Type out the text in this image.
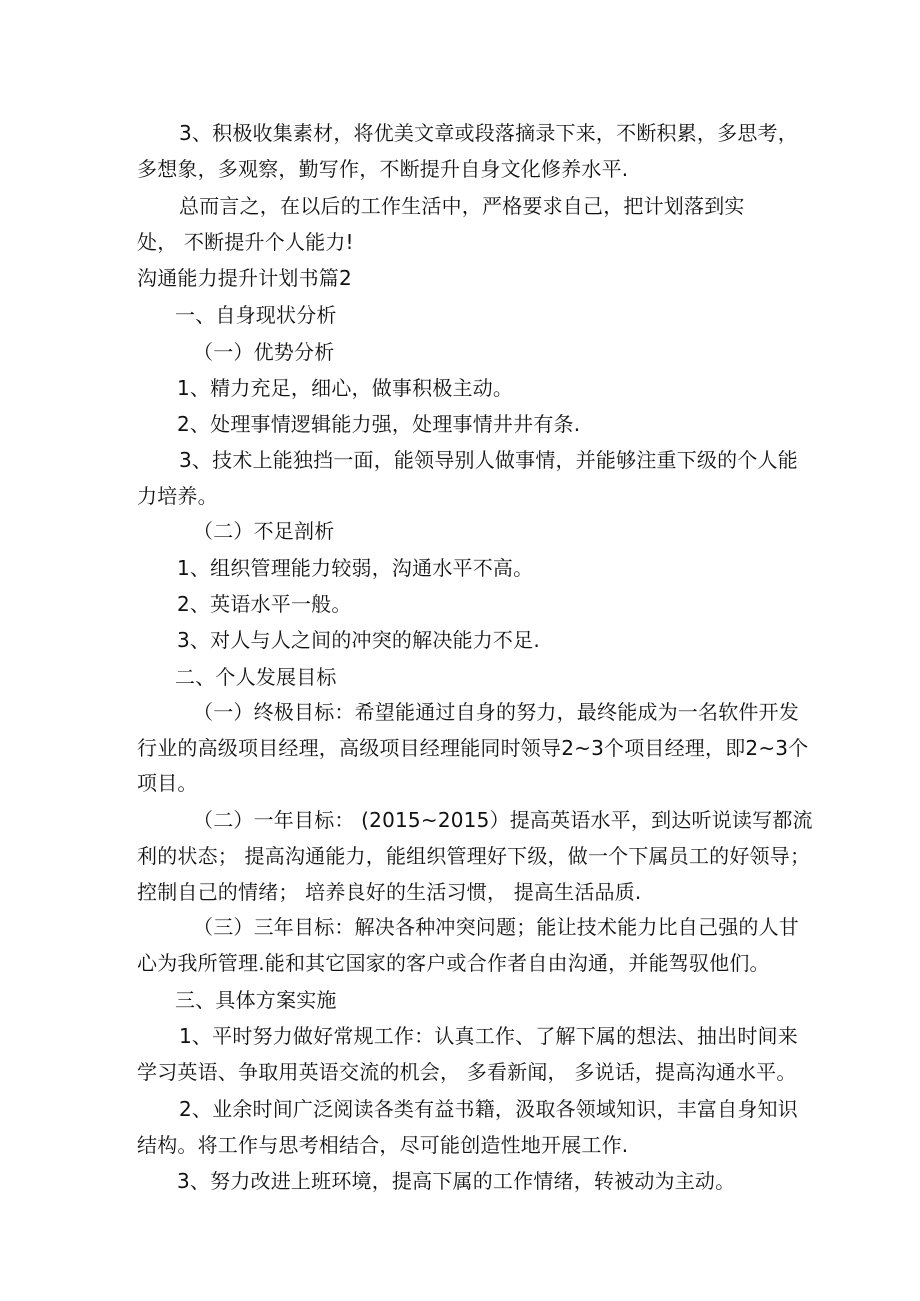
3、积极收集素材，将优美文章或段落摘录下来，不断积累，多思考，
多想象，多观察，勤写作，不断提升自身文化修养水平.
总而言之，在以后的工作生活中，严格要求自己，把计划落到实
处， 不断提升个人能力!
沟通能力提升计划书篇2
一、自身现状分析
（一）优势分析
1、精力充足，细心，做事积极主动。
2、处理事情逻辑能力强，处理事情井井有条.
3、技术上能独挡一面，能领导别人做事情，并能够注重下级的个人能
力培养。
（二）不足剖析
1、组织管理能力较弱，沟通水平不高。
2、英语水平一般。
3、对人与人之间的冲突的解决能力不足.
二、个人发展目标
（一）终极目标：希望能通过自身的努力，最终能成为一名软件开发
行业的高级项目经理，高级项目经理能同时领导2~3个项目经理，即2~3个
项目。
（二）一年目标： (2015~2015）提高英语水平，到达听说读写都流
利的状态； 提高沟通能力，能组织管理好下级，做一个下属员工的好领导；
控制自己的情绪； 培养良好的生活习惯， 提高生活品质.
（三）三年目标：解决各种冲突问题；能让技术能力比自己强的人甘
心为我所管理.能和其它国家的客户或合作者自由沟通，并能驾驭他们。
三、具体方案实施
1、平时努力做好常规工作：认真工作、了解下属的想法、抽出时间来
学习英语、争取用英语交流的机会， 多看新闻， 多说话，提高沟通水平。
2、业余时间广泛阅读各类有益书籍，汲取各领域知识，丰富自身知识
结构。将工作与思考相结合，尽可能创造性地开展工作.
3、努力改进上班环境，提高下属的工作情绪，转被动为主动。
